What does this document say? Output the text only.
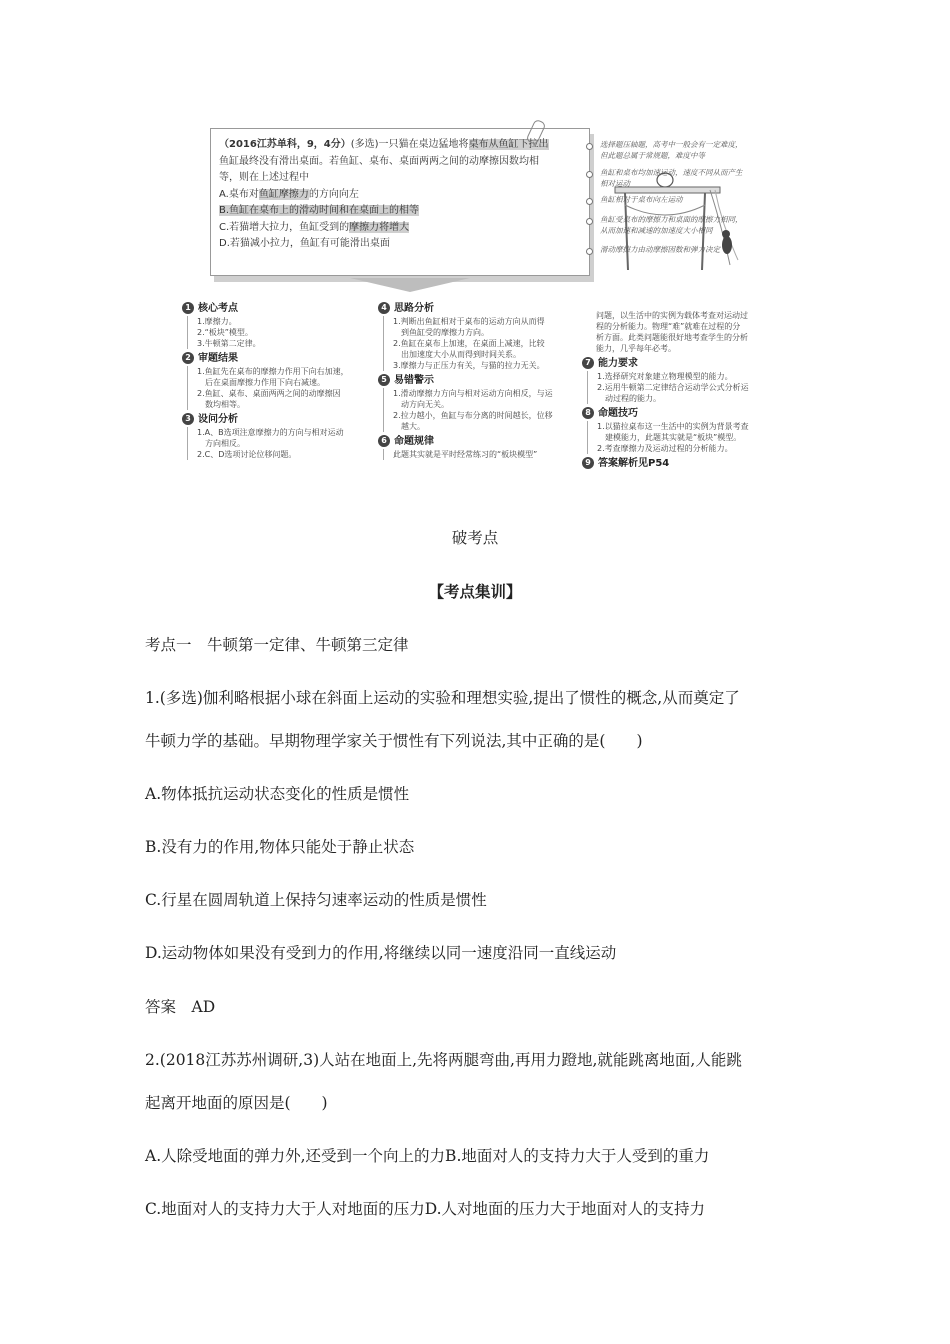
（2016江苏单科，9，4分）(多选)一只猫在桌边猛地将桌布从鱼缸下拉出
鱼缸最终没有滑出桌面。若鱼缸、桌布、桌面两两之间的动摩擦因数均相
等，则在上述过程中
A.桌布对鱼缸摩擦力的方向向左
B.鱼缸在桌布上的滑动时间和在桌面上的相等
C.若猫增大拉力，鱼缸受到的摩擦力将增大
D.若猫减小拉力，鱼缸有可能滑出桌面
选择题压轴题，高考中一般会有一定难度，
但此题总属于常规题，难度中等
鱼缸和桌布均加速运动，速度不同从而产生
相对运动
鱼缸相对于桌布向左运动
鱼缸受桌布的摩擦力和桌面的摩擦力相同，
从而加速和减速的加速度大小相同
滑动摩擦力由动摩擦因数和弹力决定
1 核心考点

1.摩擦力。

2.“板块”模型。

3.牛顿第二定律。

2 审题结果

1.鱼缸先在桌布的摩擦力作用下向右加速，

后在桌面摩擦力作用下向右减速。

2.鱼缸、桌布、桌面两两之间的动摩擦因

数均相等。

3 设问分析

1.A、B选项注意摩擦力的方向与相对运动

方向相反。

2.C、D选项讨论位移问题。

4 思路分析

1.判断出鱼缸相对于桌布的运动方向从而得

到鱼缸受的摩擦力方向。

2.鱼缸在桌布上加速，在桌面上减速，比较

出加速度大小从而得到时间关系。

3.摩擦力与正压力有关，与猫的拉力无关。

5 易错警示

1.滑动摩擦力方向与相对运动方向相反，与运

动方向无关。

2.拉力越小，鱼缸与布分离的时间越长，位移

越大。

6 命题规律

此题其实就是平时经常练习的“板块模型”

问题，以生活中的实例为载体考查对运动过

程的分析能力。物理“难”就难在过程的分

析方面。此类问题能很好地考查学生的分析

能力，几乎每年必考。

7 能力要求

1.选择研究对象建立物理模型的能力。

2.运用牛顿第二定律结合运动学公式分析运

动过程的能力。

8 命题技巧

1.以猫拉桌布这一生活中的实例为背景考查

建模能力，此题其实就是“板块”模型。

2.考查摩擦力及运动过程的分析能力。

9 答案解析见P54
破考点
【考点集训】
考点一　牛顿第一定律、牛顿第三定律
1.(多选)伽利略根据小球在斜面上运动的实验和理想实验,提出了惯性的概念,从而奠定了
牛顿力学的基础。早期物理学家关于惯性有下列说法,其中正确的是(　　)
A.物体抵抗运动状态变化的性质是惯性
B.没有力的作用,物体只能处于静止状态
C.行星在圆周轨道上保持匀速率运动的性质是惯性
D.运动物体如果没有受到力的作用,将继续以同一速度沿同一直线运动
答案　AD
2.(2018江苏苏州调研,3)人站在地面上,先将两腿弯曲,再用力蹬地,就能跳离地面,人能跳
起离开地面的原因是(　　)
A.人除受地面的弹力外,还受到一个向上的力B.地面对人的支持力大于人受到的重力
C.地面对人的支持力大于人对地面的压力D.人对地面的压力大于地面对人的支持力
